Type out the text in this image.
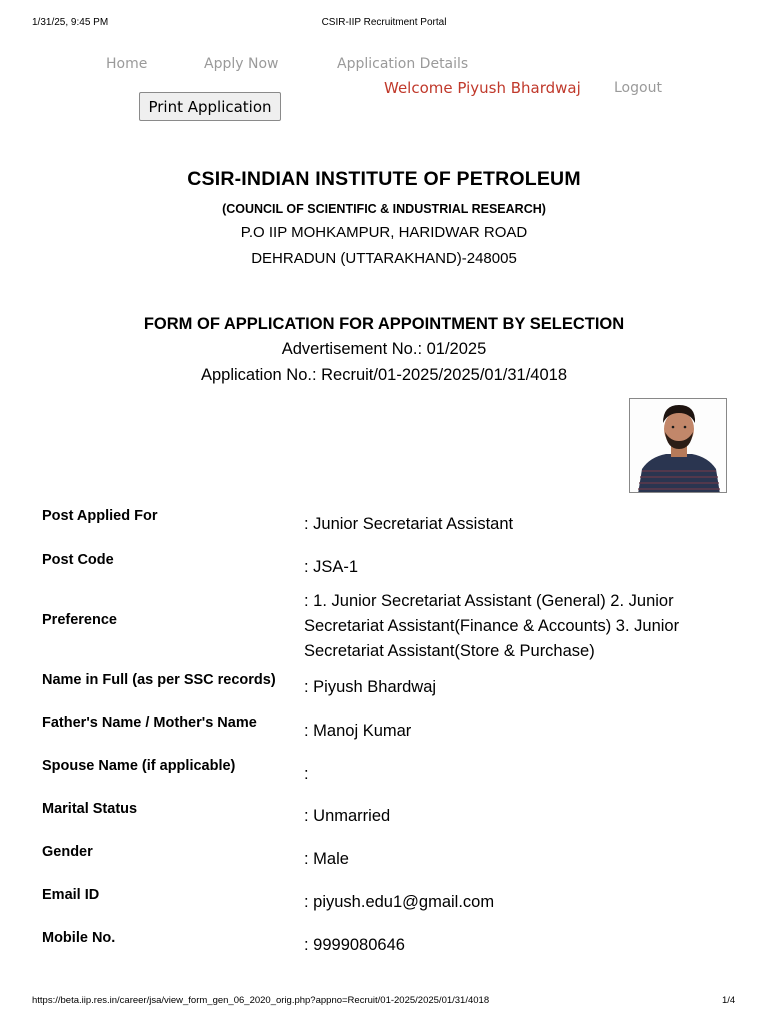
1/31/25, 9:45 PM	CSIR-IIP Recruitment Portal
Home	Apply Now	Application Details
Welcome Piyush Bhardwaj Logout
Print Application
CSIR-INDIAN INSTITUTE OF PETROLEUM
(COUNCIL OF SCIENTIFIC & INDUSTRIAL RESEARCH)
P.O IIP MOHKAMPUR, HARIDWAR ROAD
DEHRADUN (UTTARAKHAND)-248005
FORM OF APPLICATION FOR APPOINTMENT BY SELECTION
Advertisement No.: 01/2025
Application No.: Recruit/01-2025/2025/01/31/4018
Post Applied For	: Junior Secretariat Assistant
Post Code	: JSA-1
Preference
: 1. Junior Secretariat Assistant (General) 2. Junior Secretariat Assistant(Finance & Accounts) 3. Junior Secretariat Assistant(Store & Purchase)
Name in Full (as per SSC records) : Piyush Bhardwaj
Father's Name / Mother's Name	: Manoj Kumar
Spouse Name (if applicable)	:
Marital Status	: Unmarried
Gender	: Male
Email ID	: piyush.edu1@gmail.com
Mobile No.	: 9999080646
https://beta.iip.res.in/career/jsa/view_form_gen_06_2020_orig.php?appno=Recruit/01-2025/2025/01/31/4018	1/4
